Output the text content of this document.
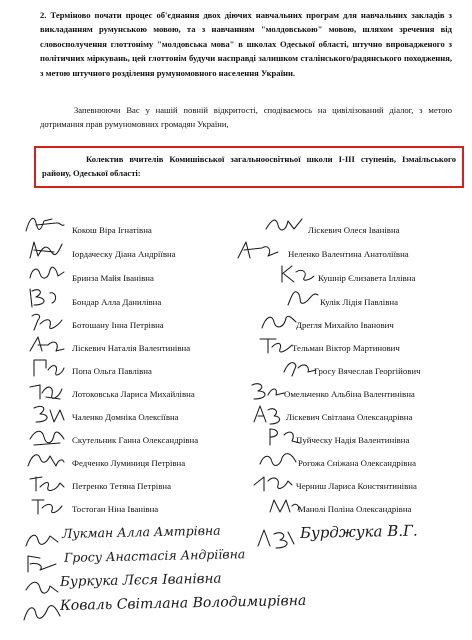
2. Терміново почати процес об'єднання двох діючих навчальних програм для навчальних закладів з викладанням румунською мовою, та з навчанням "молдовською" мовою, шляхом зречення від словосполучення глоттоніму "молдовська мова" в школах Одеської області, штучно впровадженого з політичних міркувань, цей глоттонім будучи насправді залишком сталінського/радянського походження, з метою штучного розділення румуномовного населення України.
Запевнюючи Вас у нашій повній відкритості, сподіваємось на цивілізований діалог, з метою дотримання прав румуномовних громадян України,
Колектив вчителів Комишівської загальноосвітньої школи І-ІІІ ступенів, Ізмаїльського району, Одеської області:
Кокош Віра Ігнатівна
Іордаческу Діана Андріївна
Бринза Майя Іванівна
Бондар Алла Данилівна
Ботошану Інна Петрівна
Ліскевич Наталія Валентинівна
Попа Ольга Павлівна
Лотоковська Лариса Михайлівна
Чаленко Домніка Олексіївна
Скутельник Ганна Олександрівна
Федченко Луминиця Петрівна
Петренко Тетяна Петрівна
Тостоган Ніна Іванівна
Ліскевич Олеся Іванівна
Неленко Валентина Анатоліївна
Кушнір Єлизавета Іллівна
Кулік Лідія Павлівна
Дрегля Михайло Іванович
Тельман Віктор Мартинович
Гросу Вячеслав Георгійович
Омельченко Альбіна Валентинівна
Ліскевич Світлана Олександрівна
Пуйческу Надія Валентинівна
Рогожа Сніжана Олександрівна
Черниш Лариса Констянтинівна
Манолі Поліна Олександрівна
Лукман Алла Амтрівна
Гросу Анастасія Андріївна
Буркука Лєся Іванівна
Коваль Світлана Володимирівна
Бурджука В.Г.
